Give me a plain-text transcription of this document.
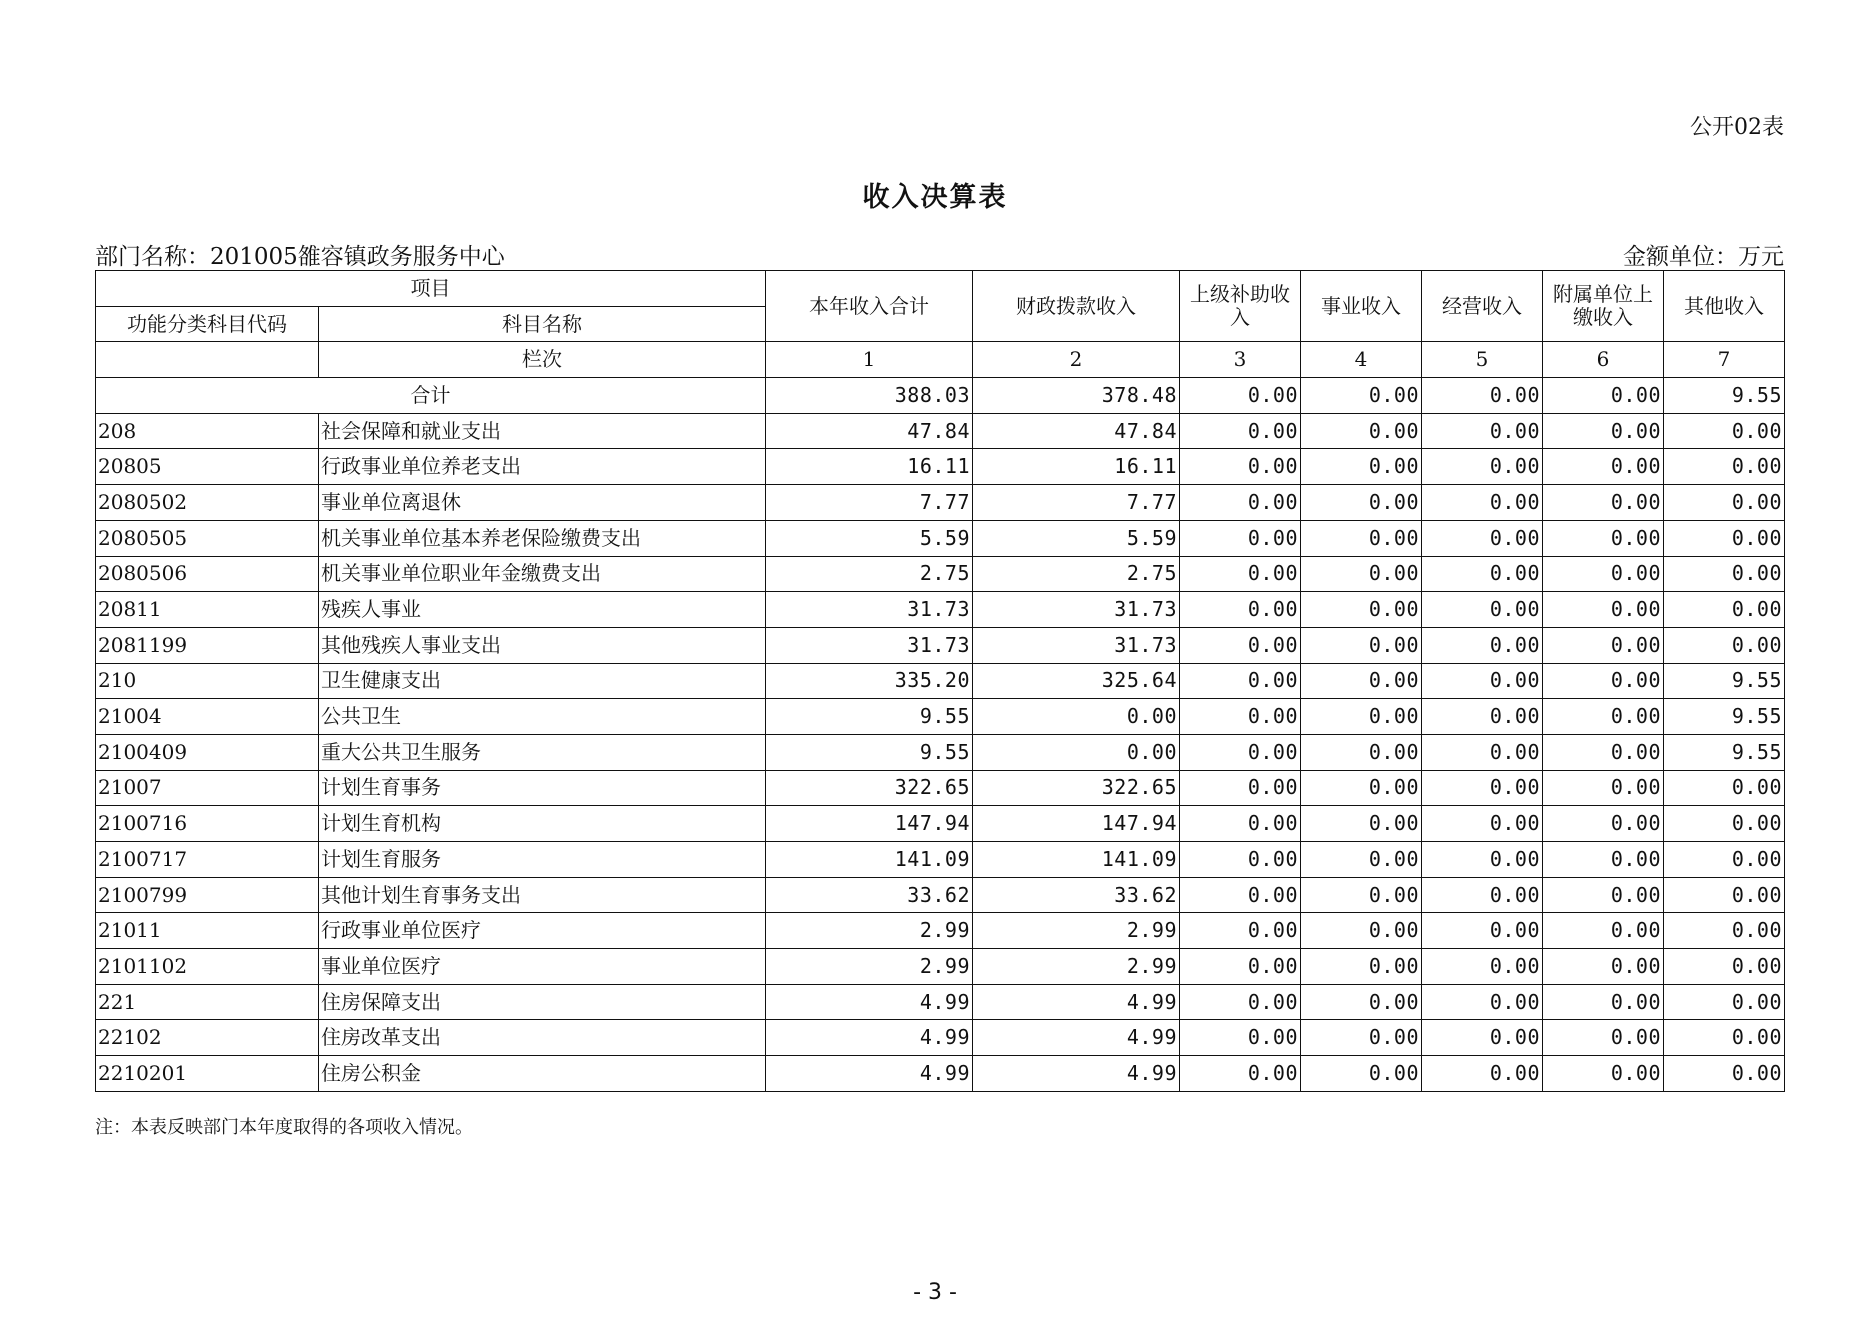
公开02表
收入决算表
部门名称：201005雒容镇政务服务中心	金额单位：万元
项目		本年收入合计	财政拨款收入	上级补助收入	事业收入	经营收入	附属单位上缴收入	其他收入
功能分类科目代码	科目名称							
	栏次	1	2	3	4	5	6	7
合计		388.03	378.48	0.00	0.00	0.00	0.00	9.55
208	社会保障和就业支出	47.84	47.84	0.00	0.00	0.00	0.00	0.00
20805	行政事业单位养老支出	16.11	16.11	0.00	0.00	0.00	0.00	0.00
2080502	事业单位离退休	7.77	7.77	0.00	0.00	0.00	0.00	0.00
2080505	机关事业单位基本养老保险缴费支出	5.59	5.59	0.00	0.00	0.00	0.00	0.00
2080506	机关事业单位职业年金缴费支出	2.75	2.75	0.00	0.00	0.00	0.00	0.00
20811	残疾人事业	31.73	31.73	0.00	0.00	0.00	0.00	0.00
2081199	其他残疾人事业支出	31.73	31.73	0.00	0.00	0.00	0.00	0.00
210	卫生健康支出	335.20	325.64	0.00	0.00	0.00	0.00	9.55
21004	公共卫生	9.55	0.00	0.00	0.00	0.00	0.00	9.55
2100409	重大公共卫生服务	9.55	0.00	0.00	0.00	0.00	0.00	9.55
21007	计划生育事务	322.65	322.65	0.00	0.00	0.00	0.00	0.00
2100716	计划生育机构	147.94	147.94	0.00	0.00	0.00	0.00	0.00
2100717	计划生育服务	141.09	141.09	0.00	0.00	0.00	0.00	0.00
2100799	其他计划生育事务支出	33.62	33.62	0.00	0.00	0.00	0.00	0.00
21011	行政事业单位医疗	2.99	2.99	0.00	0.00	0.00	0.00	0.00
2101102	事业单位医疗	2.99	2.99	0.00	0.00	0.00	0.00	0.00
221	住房保障支出	4.99	4.99	0.00	0.00	0.00	0.00	0.00
22102	住房改革支出	4.99	4.99	0.00	0.00	0.00	0.00	0.00
2210201	住房公积金	4.99	4.99	0.00	0.00	0.00	0.00	0.00
注：本表反映部门本年度取得的各项收入情况。
- 3 -
